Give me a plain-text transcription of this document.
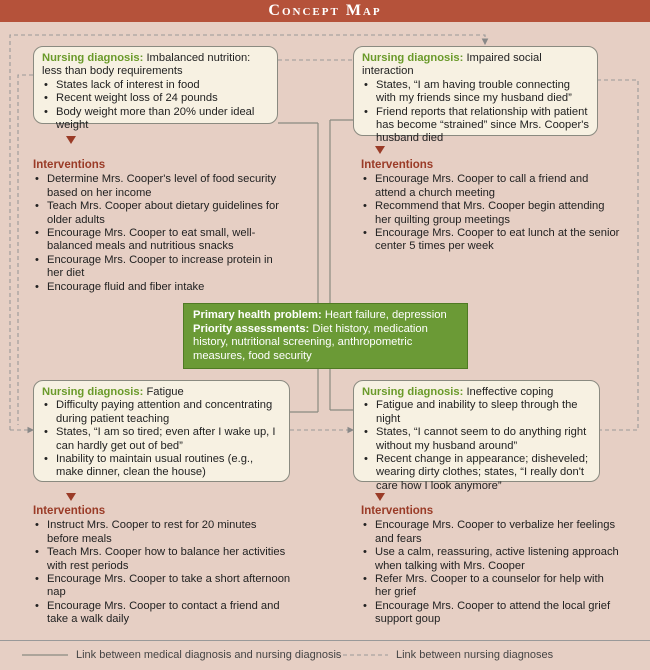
Concept Map
Nursing diagnosis: Imbalanced nutrition: less than body requirements
• States lack of interest in food
• Recent weight loss of 24 pounds
• Body weight more than 20% under ideal weight
Interventions
• Determine Mrs. Cooper's level of food security based on her income
• Teach Mrs. Cooper about dietary guidelines for older adults
• Encourage Mrs. Cooper to eat small, well-balanced meals and nutritious snacks
• Encourage Mrs. Cooper to increase protein in her diet
• Encourage fluid and fiber intake
Nursing diagnosis: Impaired social interaction
• States, “I am having trouble connecting with my friends since my husband died”
• Friend reports that relationship with patient has become “strained” since Mrs. Cooper's husband died
Interventions
• Encourage Mrs. Cooper to call a friend and attend a church meeting
• Recommend that Mrs. Cooper begin attending her quilting group meetings
• Encourage Mrs. Cooper to eat lunch at the senior center 5 times per week
Primary health problem: Heart failure, depression
Priority assessments: Diet history, medication history, nutritional screening, anthropometric measures, food security
Nursing diagnosis: Fatigue
• Difficulty paying attention and concentrating during patient teaching
• States, “I am so tired; even after I wake up, I can hardly get out of bed”
• Inability to maintain usual routines (e.g., make dinner, clean the house)
Interventions
• Instruct Mrs. Cooper to rest for 20 minutes before meals
• Teach Mrs. Cooper how to balance her activities with rest periods
• Encourage Mrs. Cooper to take a short afternoon nap
• Encourage Mrs. Cooper to contact a friend and take a walk daily
Nursing diagnosis: Ineffective coping
• Fatigue and inability to sleep through the night
• States, “I cannot seem to do anything right without my husband around”
• Recent change in appearance; disheveled; wearing dirty clothes; states, “I really don't care how I look anymore”
Interventions
• Encourage Mrs. Cooper to verbalize her feelings and fears
• Use a calm, reassuring, active listening approach when talking with Mrs. Cooper
• Refer Mrs. Cooper to a counselor for help with her grief
• Encourage Mrs. Cooper to attend the local grief support goup
Link between medical diagnosis and nursing diagnosis	Link between nursing diagnoses
